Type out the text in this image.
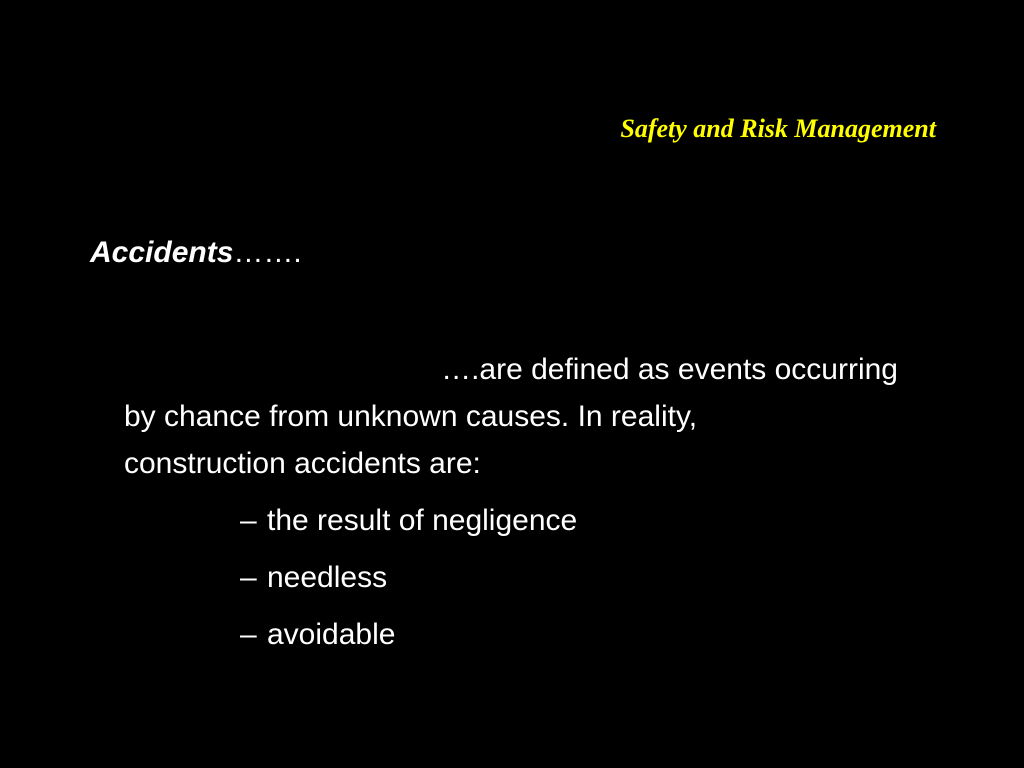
Safety and Risk Management
Accidents…….

….are defined as events occurring
by chance from unknown causes. In reality,
construction accidents are:

– the result of negligence
– needless
– avoidable
